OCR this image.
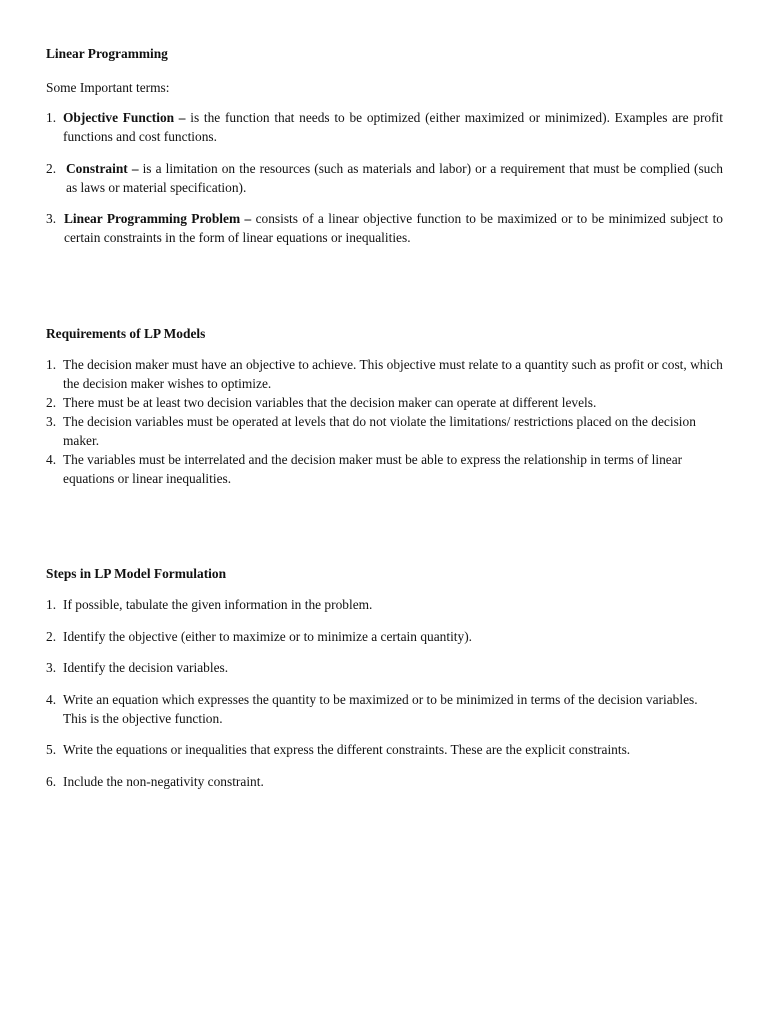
Linear Programming
Some Important terms:
1. Objective Function – is the function that needs to be optimized (either maximized or minimized). Examples are profit functions and cost functions.
2. Constraint – is a limitation on the resources (such as materials and labor) or a requirement that must be complied (such as laws or material specification).
3. Linear Programming Problem – consists of a linear objective function to be maximized or to be minimized subject to certain constraints in the form of linear equations or inequalities.
Requirements of LP Models
1. The decision maker must have an objective to achieve. This objective must relate to a quantity such as profit or cost, which the decision maker wishes to optimize.
2. There must be at least two decision variables that the decision maker can operate at different levels.
3. The decision variables must be operated at levels that do not violate the limitations/ restrictions placed on the decision maker.
4. The variables must be interrelated and the decision maker must be able to express the relationship in terms of linear equations or linear inequalities.
Steps in LP Model Formulation
1. If possible, tabulate the given information in the problem.
2. Identify the objective (either to maximize or to minimize a certain quantity).
3. Identify the decision variables.
4. Write an equation which expresses the quantity to be maximized or to be minimized in terms of the decision variables. This is the objective function.
5. Write the equations or inequalities that express the different constraints. These are the explicit constraints.
6. Include the non-negativity constraint.
